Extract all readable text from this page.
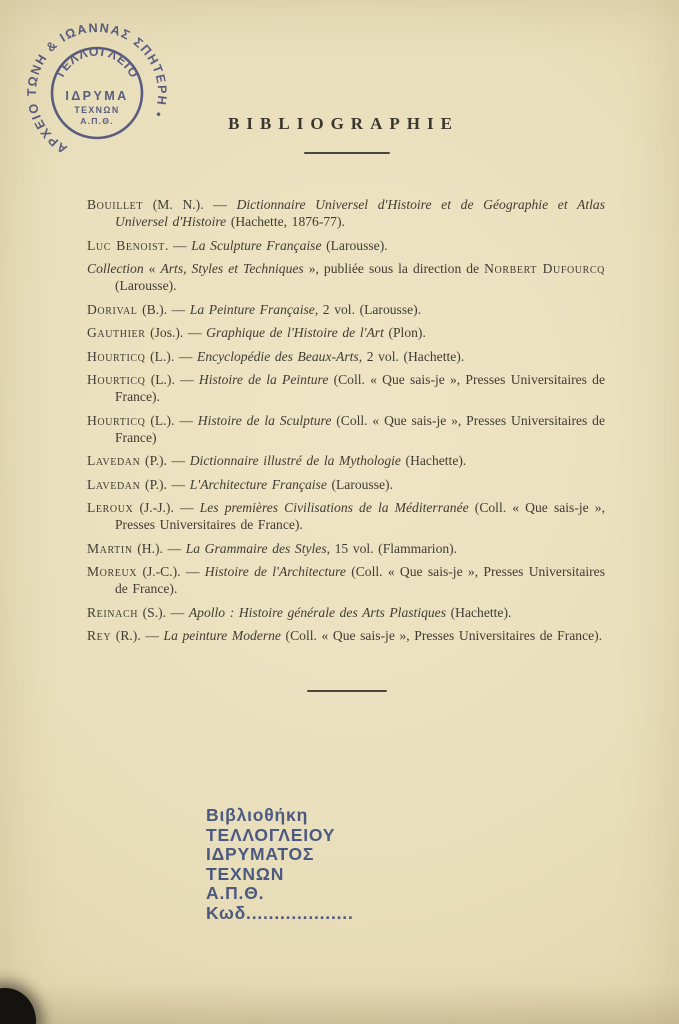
ΑΡΧΕΙΟ ΤΩΝΗ & ΙΩΑΝΝΑΣ ΣΠΗΤΕΡΗ •
ΤΕΛΛΟΓΛΕΙΟ
ΙΔΡΥΜΑ
ΤΕΧΝΩΝ
Α.Π.Θ.	BIBLIOGRAPHIE

Bouillet (M. N.). — Dictionnaire Universel d'Histoire et de Géographie et Atlas Universel d'Histoire (Hachette, 1876-77).

Luc Benoist. — La Sculpture Française (Larousse).

Collection « Arts, Styles et Techniques », publiée sous la direction de Norbert Dufourcq (Larousse).

Dorival (B.). — La Peinture Française, 2 vol. (Larousse).

Gauthier (Jos.). — Graphique de l'Histoire de l'Art (Plon).

Hourticq (L.). — Encyclopédie des Beaux-Arts, 2 vol. (Hachette).

Hourticq (L.). — Histoire de la Peinture (Coll. « Que sais-je », Presses Universitaires de France).

Hourticq (L.). — Histoire de la Sculpture (Coll. « Que sais-je », Presses Universitaires de France)

Lavedan (P.). — Dictionnaire illustré de la Mythologie (Hachette).

Lavedan (P.). — L'Architecture Française (Larousse).

Leroux (J.-J.). — Les premières Civilisations de la Méditerranée (Coll. « Que sais-je », Presses Universitaires de France).

Martin (H.). — La Grammaire des Styles, 15 vol. (Flammarion).

Moreux (J.-C.). — Histoire de l'Architecture (Coll. « Que sais-je », Presses Universitaires de France).

Reinach (S.). — Apollo : Histoire générale des Arts Plastiques (Hachette).

Rey (R.). — La peinture Moderne (Coll. « Que sais-je », Presses Universitaires de France).

Βιβλιοθήκη
ΤΕΛΛΟΓΛΕΙΟΥ
ΙΔΡΥΜΑΤΟΣ
ΤΕΧΝΩΝ
Α.Π.Θ.
Κωδ...................
